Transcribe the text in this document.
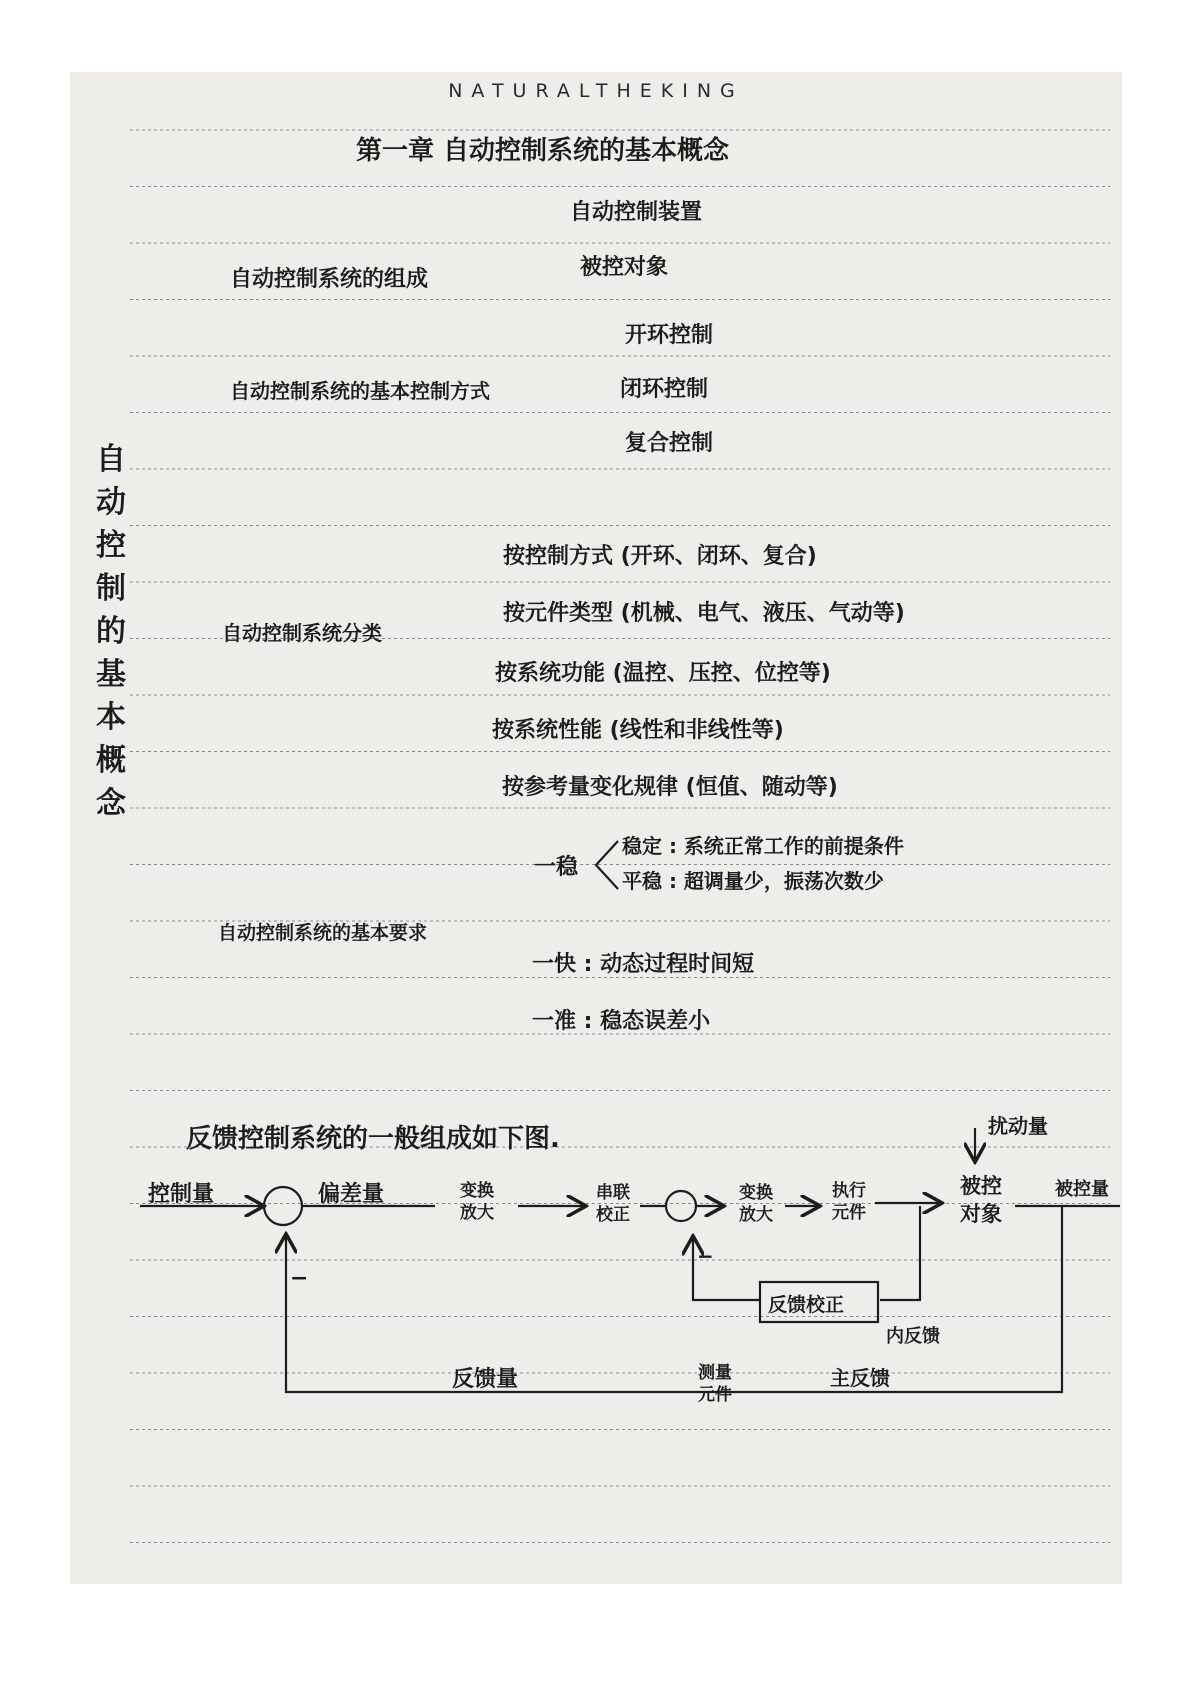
NATURALTHEKING
第一章 自动控制系统的基本概念
自
动
控
制
的
基
本
概
念
自动控制系统的组成
自动控制装置
被控对象
自动控制系统的基本控制方式
开环控制
闭环控制
复合控制
自动控制系统分类
按控制方式 (开环、闭环、复合)
按元件类型 (机械、电气、液压、气动等)
按系统功能 (温控、压控、位控等)
按系统性能 (线性和非线性等)
按参考量变化规律 (恒值、随动等)
自动控制系统的基本要求
一稳
稳定 : 系统正常工作的前提条件
平稳 : 超调量少，振荡次数少
一快 : 动态过程时间短
一准 : 稳态误差小
反馈控制系统的一般组成如下图.
控制量	偏差量	变换
放大
串联
校正
变换
放大
执行
元件
被控
对象
被控量
扰动量
反馈校正
内反馈
反馈量	测量
元件
主反馈
−
−
